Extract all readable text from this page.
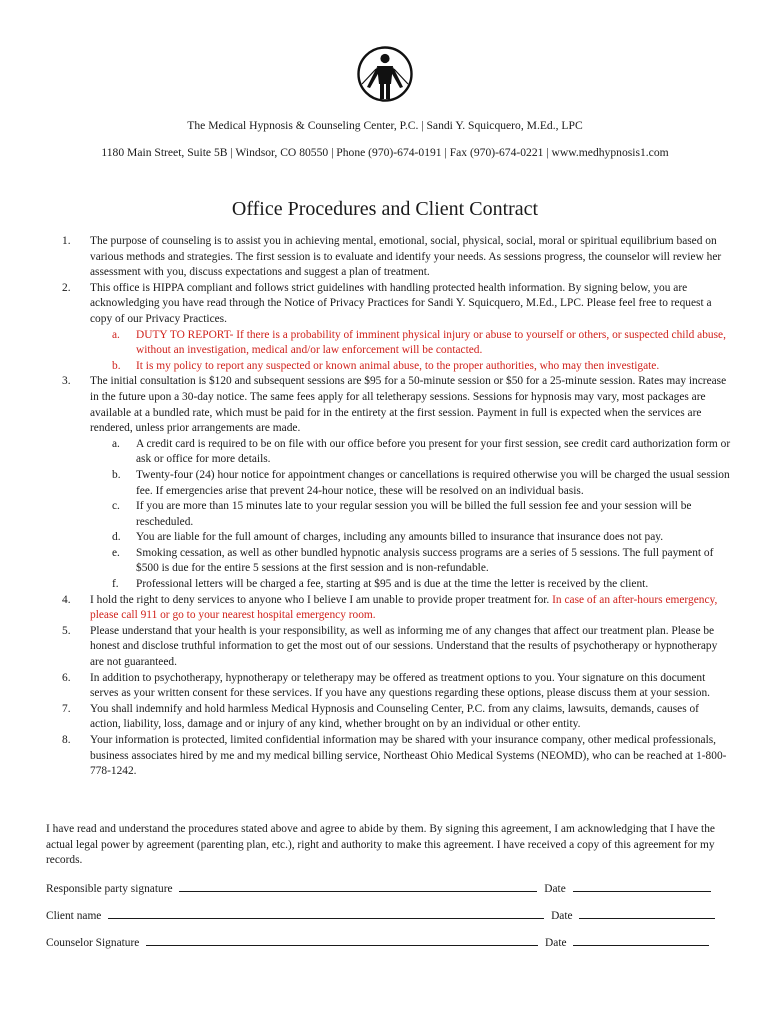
The Medical Hypnosis & Counseling Center, P.C. | Sandi Y. Squicquero, M.Ed., LPC
1180 Main Street, Suite 5B | Windsor, CO 80550 | Phone (970)-674-0191 | Fax (970)-674-0221 | www.medhypnosis1.com
Office Procedures and Client Contract
1. The purpose of counseling is to assist you in achieving mental, emotional, social, physical, social, moral or spiritual equilibrium based on various methods and strategies. The first session is to evaluate and identify your needs. As sessions progress, the counselor will review her assessment with you, discuss expectations and suggest a plan of treatment.
2. This office is HIPPA compliant and follows strict guidelines with handling protected health information. By signing below, you are acknowledging you have read through the Notice of Privacy Practices for Sandi Y. Squicquero, M.Ed., LPC. Please feel free to request a copy of our Privacy Practices.
a. DUTY TO REPORT- If there is a probability of imminent physical injury or abuse to yourself or others, or suspected child abuse, without an investigation, medical and/or law enforcement will be contacted.
b. It is my policy to report any suspected or known animal abuse, to the proper authorities, who may then investigate.
3. The initial consultation is $120 and subsequent sessions are $95 for a 50-minute session or $50 for a 25-minute session. Rates may increase in the future upon a 30-day notice. The same fees apply for all teletherapy sessions. Sessions for hypnosis may vary, most packages are available at a bundled rate, which must be paid for in the entirety at the first session. Payment in full is expected when the services are rendered, unless prior arrangements are made.
a. A credit card is required to be on file with our office before you present for your first session, see credit card authorization form or ask or office for more details.
b. Twenty-four (24) hour notice for appointment changes or cancellations is required otherwise you will be charged the usual session fee. If emergencies arise that prevent 24-hour notice, these will be resolved on an individual basis.
c. If you are more than 15 minutes late to your regular session you will be billed the full session fee and your session will be rescheduled.
d. You are liable for the full amount of charges, including any amounts billed to insurance that insurance does not pay.
e. Smoking cessation, as well as other bundled hypnotic analysis success programs are a series of 5 sessions. The full payment of $500 is due for the entire 5 sessions at the first session and is non-refundable.
f. Professional letters will be charged a fee, starting at $95 and is due at the time the letter is received by the client.
4. I hold the right to deny services to anyone who I believe I am unable to provide proper treatment for. In case of an after-hours emergency, please call 911 or go to your nearest hospital emergency room.
5. Please understand that your health is your responsibility, as well as informing me of any changes that affect our treatment plan. Please be honest and disclose truthful information to get the most out of our sessions. Understand that the results of psychotherapy or hypnotherapy are not guaranteed.
6. In addition to psychotherapy, hypnotherapy or teletherapy may be offered as treatment options to you. Your signature on this document serves as your written consent for these services. If you have any questions regarding these options, please discuss them at your session.
7. You shall indemnify and hold harmless Medical Hypnosis and Counseling Center, P.C. from any claims, lawsuits, demands, causes of action, liability, loss, damage and or injury of any kind, whether brought on by an individual or other entity.
8. Your information is protected, limited confidential information may be shared with your insurance company, other medical professionals, business associates hired by me and my medical billing service, Northeast Ohio Medical Systems (NEOMD), who can be reached at 1-800-778-1242.
I have read and understand the procedures stated above and agree to abide by them. By signing this agreement, I am acknowledging that I have the actual legal power by agreement (parenting plan, etc.), right and authority to make this agreement. I have received a copy of this agreement for my records.
Responsible party signature	Date
Client name	Date
Counselor Signature	Date
